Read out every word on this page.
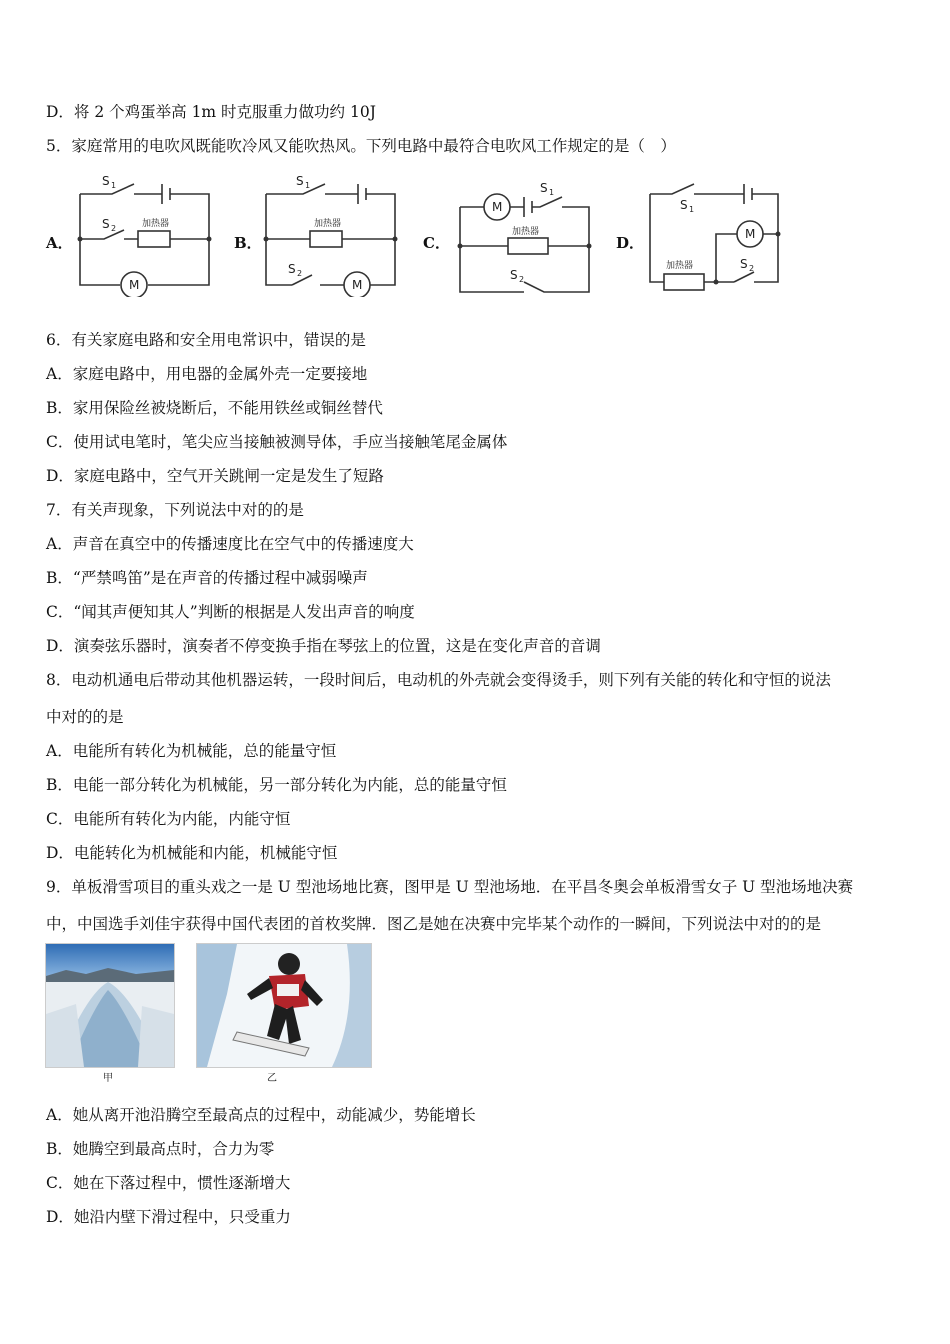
D．将 2 个鸡蛋举高 1m 时克服重力做功约 10J
5．家庭常用的电吹风既能吹冷风又能吹热风。下列电路中最符合电吹风工作规定的是（　）
A．
M
加热器
S 1
S 2
B．
M
加热器
S 1
S 2
C．
M
加热器
S 1
S 2
D．	M
加热器
S 1
S 2
6．有关家庭电路和安全用电常识中，错误的是
A．家庭电路中，用电器的金属外壳一定要接地
B．家用保险丝被烧断后，不能用铁丝或铜丝替代
C．使用试电笔时，笔尖应当接触被测导体，手应当接触笔尾金属体
D．家庭电路中，空气开关跳闸一定是发生了短路
7．有关声现象，下列说法中对的的是
A．声音在真空中的传播速度比在空气中的传播速度大
B．“严禁鸣笛”是在声音的传播过程中减弱噪声
C．“闻其声便知其人”判断的根据是人发出声音的响度
D．演奏弦乐器时，演奏者不停变换手指在琴弦上的位置，这是在变化声音的音调
8．电动机通电后带动其他机器运转，一段时间后，电动机的外壳就会变得烫手，则下列有关能的转化和守恒的说法
中对的的是
A．电能所有转化为机械能，总的能量守恒
B．电能一部分转化为机械能，另一部分转化为内能，总的能量守恒
C．电能所有转化为内能，内能守恒
D．电能转化为机械能和内能，机械能守恒
9．单板滑雪项目的重头戏之一是 U 型池场地比赛，图甲是 U 型池场地．在平昌冬奥会单板滑雪女子 U 型池场地决赛
中，中国选手刘佳宇获得中国代表团的首枚奖牌．图乙是她在决赛中完毕某个动作的一瞬间，下列说法中对的的是
甲	乙
A．她从离开池沿腾空至最高点的过程中，动能减少，势能增长
B．她腾空到最高点时，合力为零
C．她在下落过程中，惯性逐渐增大
D．她沿内壁下滑过程中，只受重力
